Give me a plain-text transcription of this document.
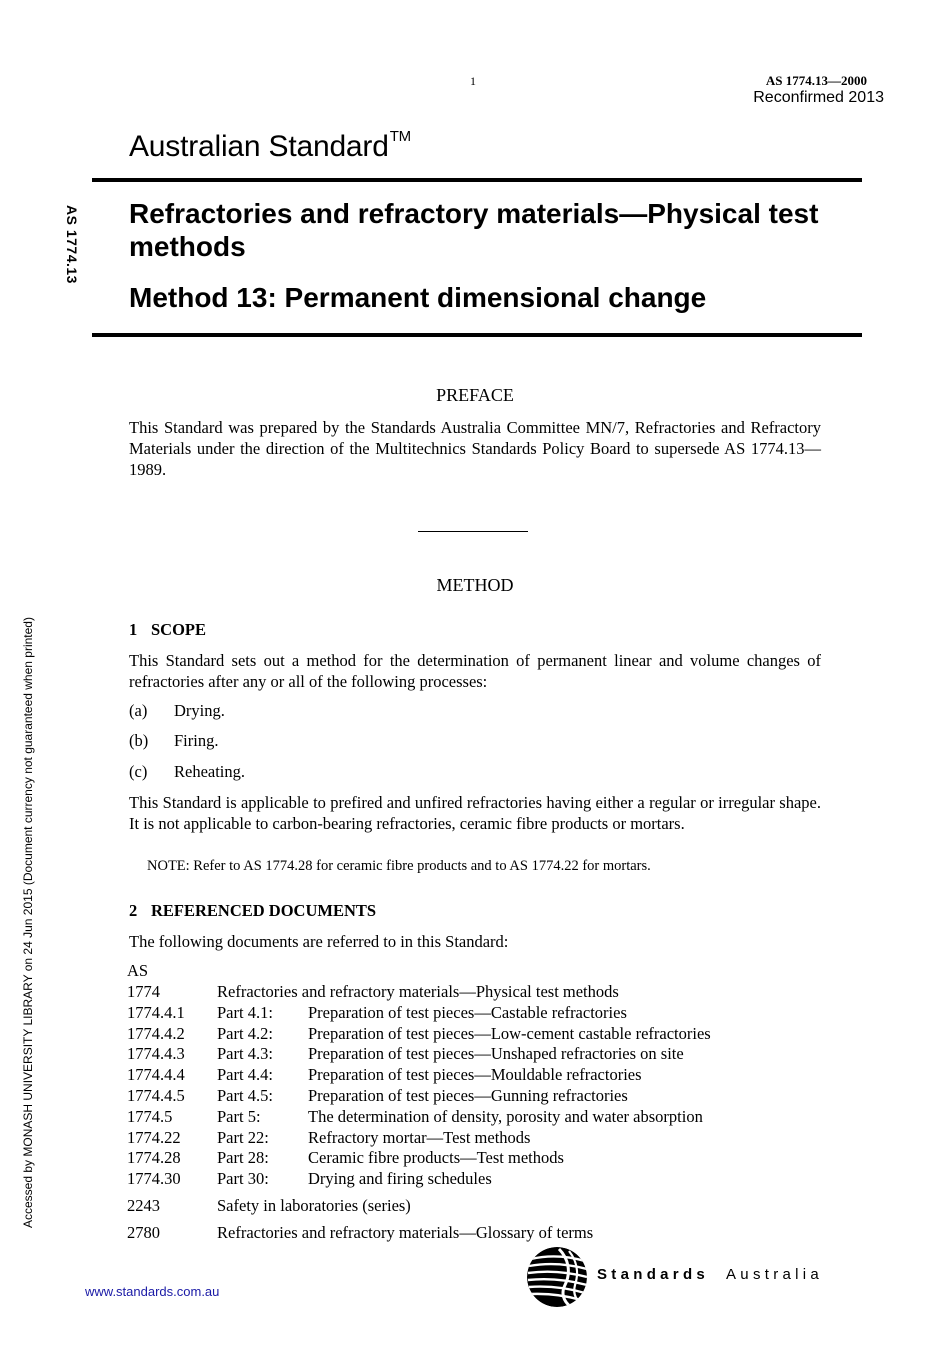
1	AS 1774.13—2000
Reconfirmed 2013
Australian Standard™
AS 1774.13 Refractories and refractory materials—Physical test methods
Method 13: Permanent dimensional change
PREFACE
This Standard was prepared by the Standards Australia Committee MN/7, Refractories and Refractory Materials under the direction of the Multitechnics Standards Policy Board to supersede AS 1774.13—1989.
METHOD
1 SCOPE
This Standard sets out a method for the determination of permanent linear and volume changes of refractories after any or all of the following processes:
(a) Drying.
(b) Firing.
(c) Reheating.
This Standard is applicable to prefired and unfired refractories having either a regular or irregular shape. It is not applicable to carbon-bearing refractories, ceramic fibre products or mortars.
NOTE: Refer to AS 1774.28 for ceramic fibre products and to AS 1774.22 for mortars.
2 REFERENCED DOCUMENTS
The following documents are referred to in this Standard:
AS
1774	Refractories and refractory materials—Physical test methods
1774.4.1 Part 4.1: Preparation of test pieces—Castable refractories
1774.4.2 Part 4.2: Preparation of test pieces—Low-cement castable refractories
1774.4.3 Part 4.3: Preparation of test pieces—Unshaped refractories on site
1774.4.4 Part 4.4: Preparation of test pieces—Mouldable refractories
1774.4.5 Part 4.5: Preparation of test pieces—Gunning refractories
1774.5	Part 5:	The determination of density, porosity and water absorption
1774.22 Part 22: Refractory mortar—Test methods
1774.28 Part 28: Ceramic fibre products—Test methods
1774.30 Part 30: Drying and firing schedules
2243	Safety in laboratories (series)
2780	Refractories and refractory materials—Glossary of terms
Accessed by MONASH UNIVERSITY LIBRARY on 24 Jun 2015 (Document currency not guaranteed when printed)
www.standards.com.au
Standards Australia
